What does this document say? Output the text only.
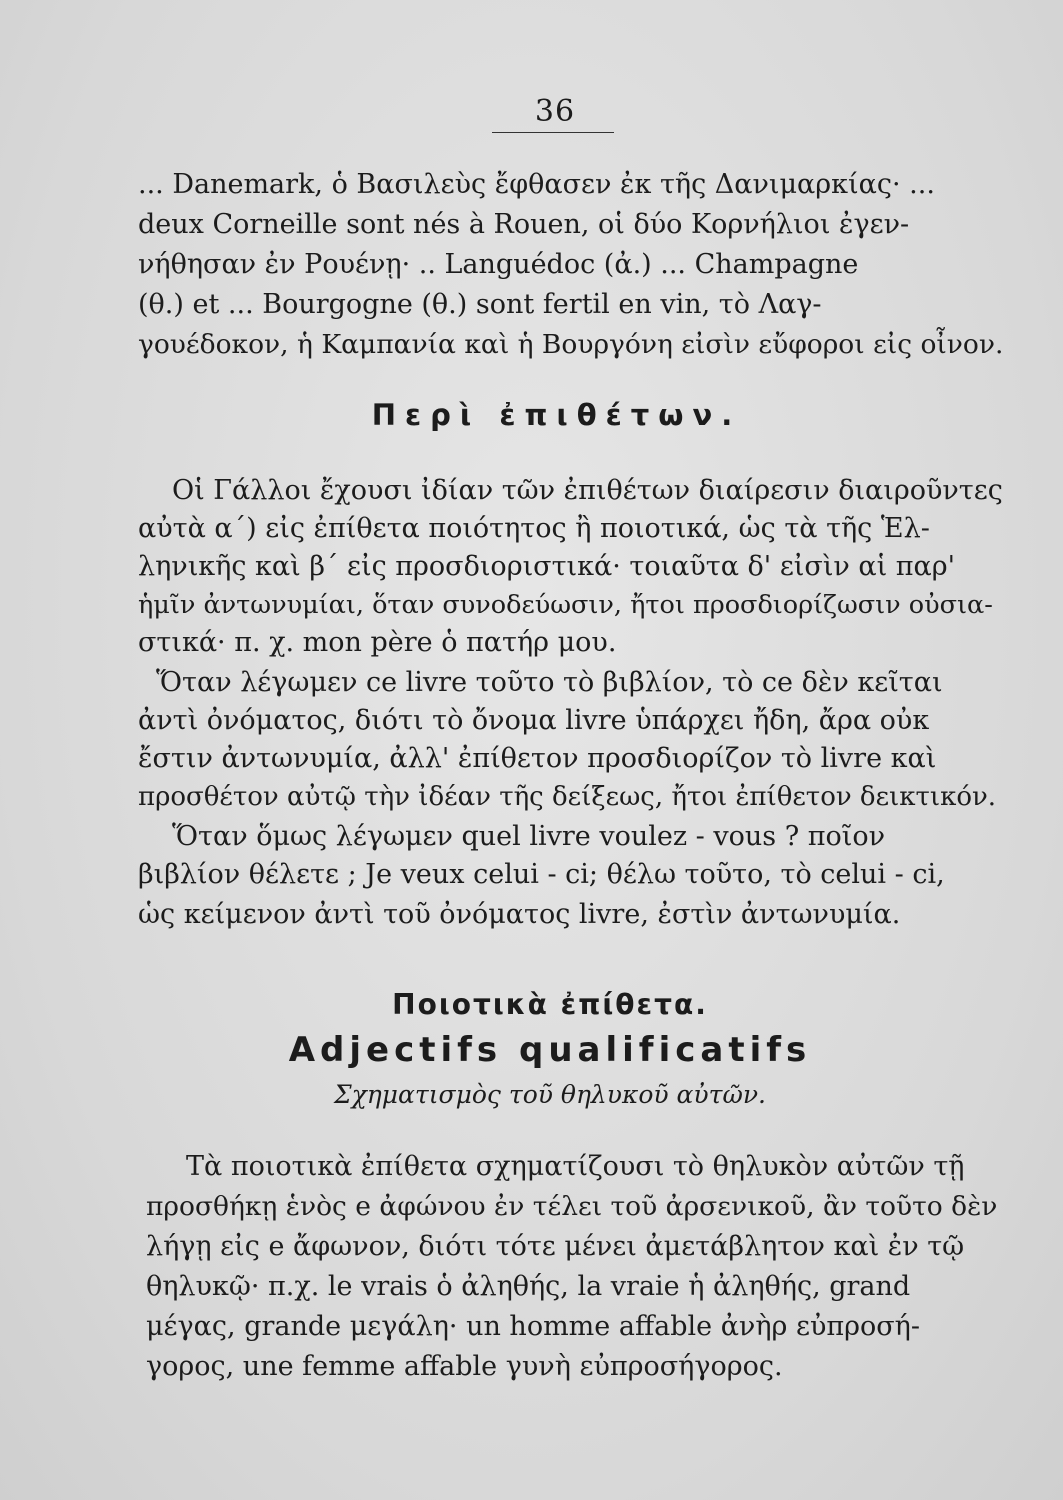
36
... Danemark, ὁ Βασιλεὺς ἔφθασεν ἐκ τῆς Δανιμαρκίας· ...
deux Corneille sont nés à Rouen, οἱ δύο Κορνήλιοι ἐγεν-
νήθησαν ἐν Ρουένῃ· .. Languédoc (ἀ.) ... Champagne
(θ.) et ... Bourgogne (θ.) sont fertil en vin, τὸ Λαγ-
γουέδοκον, ἡ Καμπανία καὶ ἡ Βουργόνη εἰσὶν εὔφοροι εἰς οἶνον.
Περὶ ἐπιθέτων.
Οἱ Γάλλοι ἔχουσι ἰδίαν τῶν ἐπιθέτων διαίρεσιν διαιροῦντες
αὐτὰ α΄) εἰς ἐπίθετα ποιότητος ἢ ποιοτικά, ὡς τὰ τῆς Ἑλ-
ληνικῆς καὶ β΄ εἰς προσδιοριστικά· τοιαῦτα δ' εἰσὶν αἱ παρ'
ἡμῖν ἀντωνυμίαι, ὅταν συνοδεύωσιν, ἤτοι προσδιορίζωσιν οὐσια-
στικά· π. χ. mon père ὁ πατήρ μου.
Ὅταν λέγωμεν ce livre τοῦτο τὸ βιβλίον, τὸ ce δὲν κεῖται
ἀντὶ ὀνόματος, διότι τὸ ὄνομα livre ὑπάρχει ἤδη, ἄρα οὐκ
ἔστιν ἀντωνυμία, ἀλλ' ἐπίθετον προσδιορίζον τὸ livre καὶ
προσθέτον αὐτῷ τὴν ἰδέαν τῆς δείξεως, ἤτοι ἐπίθετον δεικτικόν.
Ὅταν ὅμως λέγωμεν quel livre voulez - vous ? ποῖον
βιβλίον θέλετε ; Je veux celui - ci; θέλω τοῦτο, τὸ celui - ci,
ὡς κείμενον ἀντὶ τοῦ ὀνόματος livre, ἐστὶν ἀντωνυμία.
Ποιοτικὰ ἐπίθετα.
Adjectifs qualificatifs
Σχηματισμὸς τοῦ θηλυκοῦ αὐτῶν.
Τὰ ποιοτικὰ ἐπίθετα σχηματίζουσι τὸ θηλυκὸν αὐτῶν τῇ
προσθήκῃ ἑνὸς e ἀφώνου ἐν τέλει τοῦ ἀρσενικοῦ, ἂν τοῦτο δὲν
λήγῃ εἰς e ἄφωνον, διότι τότε μένει ἀμετάβλητον καὶ ἐν τῷ
θηλυκῷ· π.χ. le vrais ὁ ἀληθής, la vraie ἡ ἀληθής, grand
μέγας, grande μεγάλη· un homme affable ἀνὴρ εὐπροσή-
γορος, une femme affable γυνὴ εὐπροσήγορος.
